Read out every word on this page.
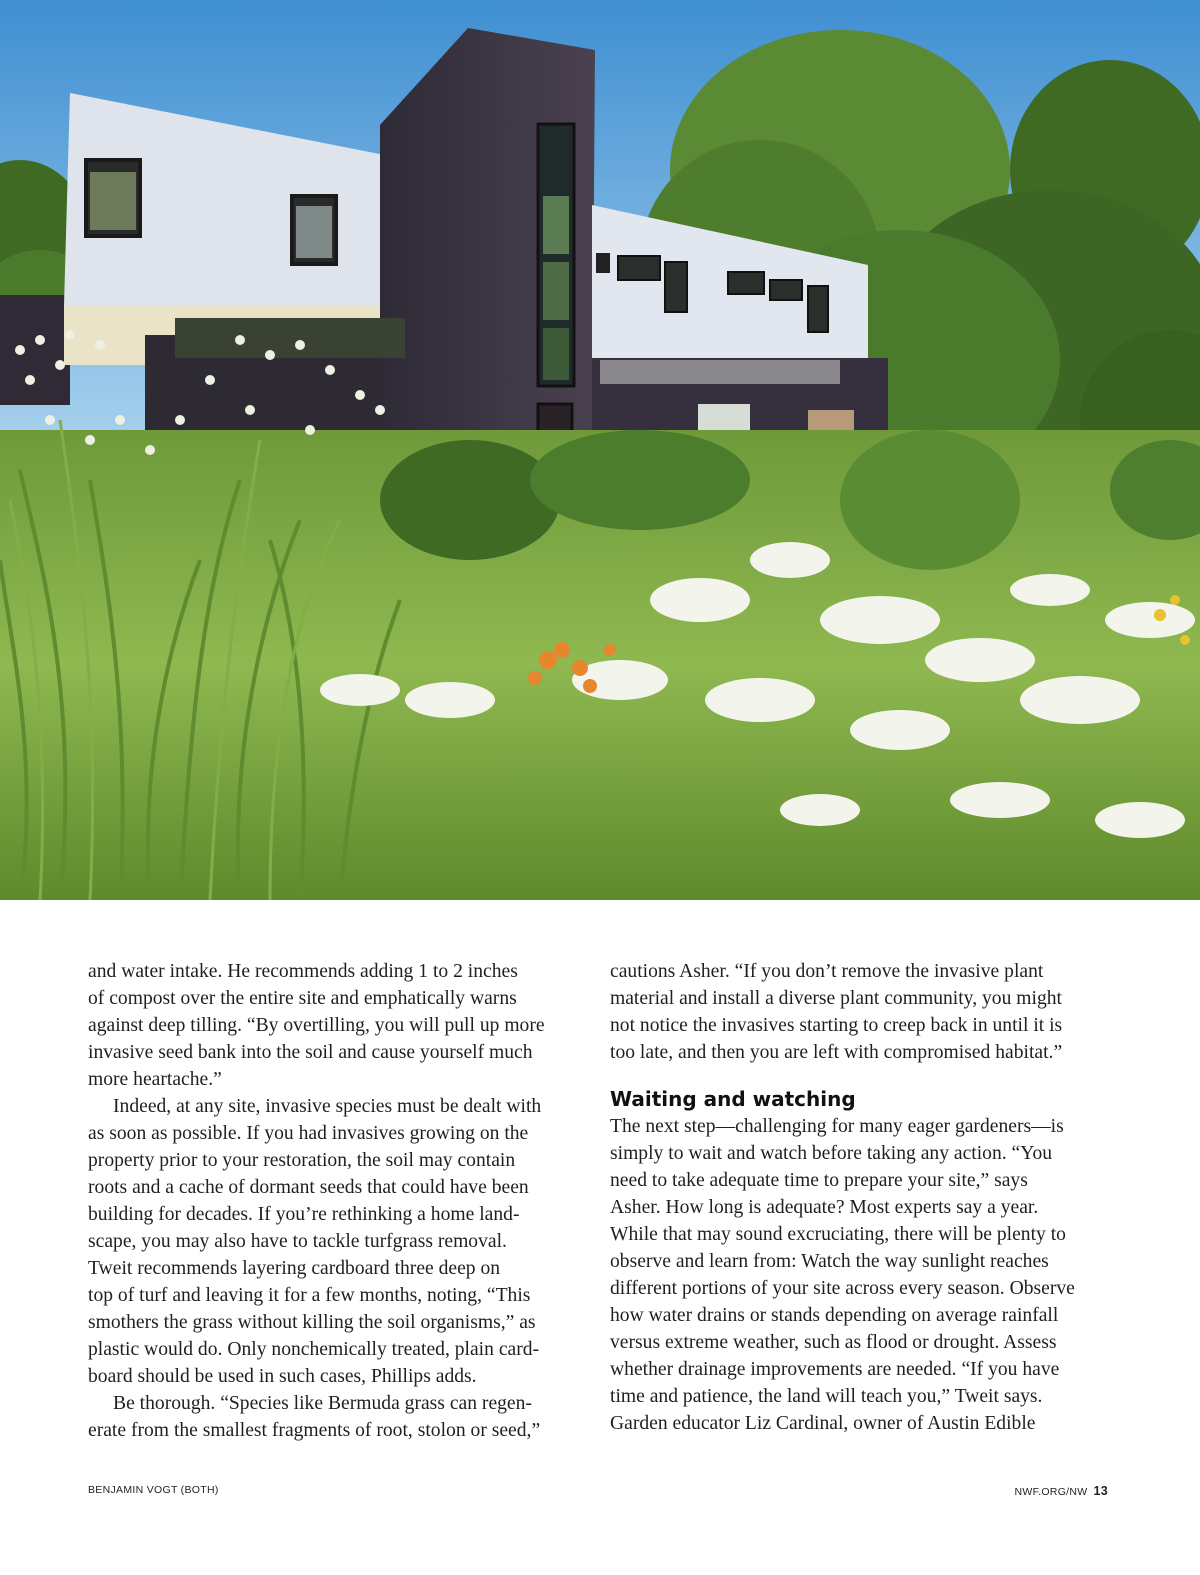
and water intake. He recommends adding 1 to 2 inches
of compost over the entire site and emphatically warns
against deep tilling. “By overtilling, you will pull up more
invasive seed bank into the soil and cause yourself much
more heartache.”

Indeed, at any site, invasive species must be dealt with
as soon as possible. If you had invasives growing on the
property prior to your restoration, the soil may contain
roots and a cache of dormant seeds that could have been
building for decades. If you’re rethinking a home land-
scape, you may also have to tackle turfgrass removal.
Tweit recommends layering cardboard three deep on
top of turf and leaving it for a few months, noting, “This
smothers the grass without killing the soil organisms,” as
plastic would do. Only nonchemically treated, plain card-
board should be used in such cases, Phillips adds.

Be thorough. “Species like Bermuda grass can regen-
erate from the smallest fragments of root, stolon or seed,”

cautions Asher. “If you don’t remove the invasive plant
material and install a diverse plant community, you might
not notice the invasives starting to creep back in until it is
too late, and then you are left with compromised habitat.”

Waiting and watching

The next step—challenging for many eager gardeners—is
simply to wait and watch before taking any action. “You
need to take adequate time to prepare your site,” says
Asher. How long is adequate? Most experts say a year.
While that may sound excruciating, there will be plenty to
observe and learn from: Watch the way sunlight reaches
different portions of your site across every season. Observe
how water drains or stands depending on average rainfall
versus extreme weather, such as flood or drought. Assess
whether drainage improvements are needed. “If you have
time and patience, the land will teach you,” Tweit says.
Garden educator Liz Cardinal, owner of Austin Edible

BENJAMIN VOGT (BOTH)	NWF.ORG/NW 13
